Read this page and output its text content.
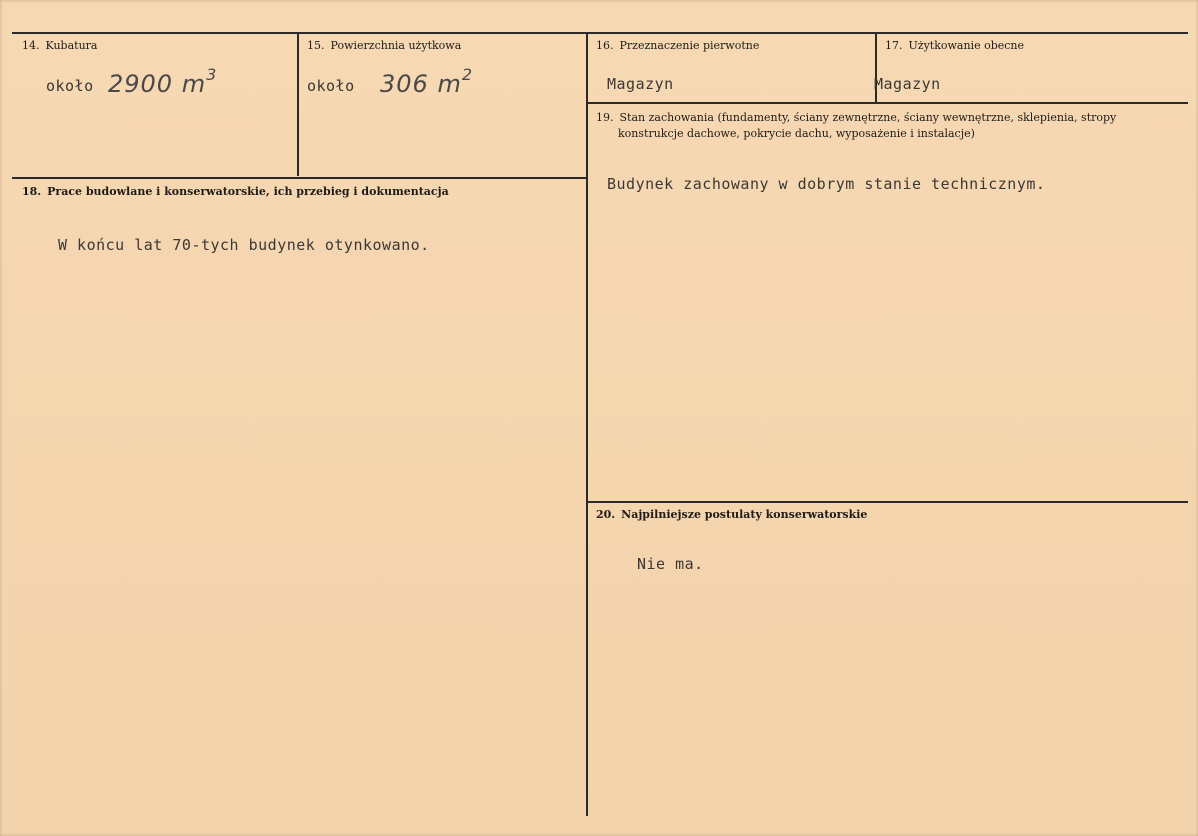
14. Kubatura
około 2900 $m^3$
15. Powierzchnia użytkowa
około 306 $m^2$
16. Przeznaczenie pierwotne
Magazyn
17. Użytkowanie obecne
Magazyn
18. Prace budowlane i konserwatorskie, ich przebieg i dokumentacja
W końcu lat 70-tych budynek otynkowano.
19. Stan zachowania (fundamenty, ściany zewnętrzne, ściany wewnętrzne, sklepienia, stropy
konstrukcje dachowe, pokrycie dachu, wyposażenie i instalacje)
Budynek zachowany w dobrym stanie technicznym.
20. Najpilniejsze postulaty konserwatorskie
Nie ma.
